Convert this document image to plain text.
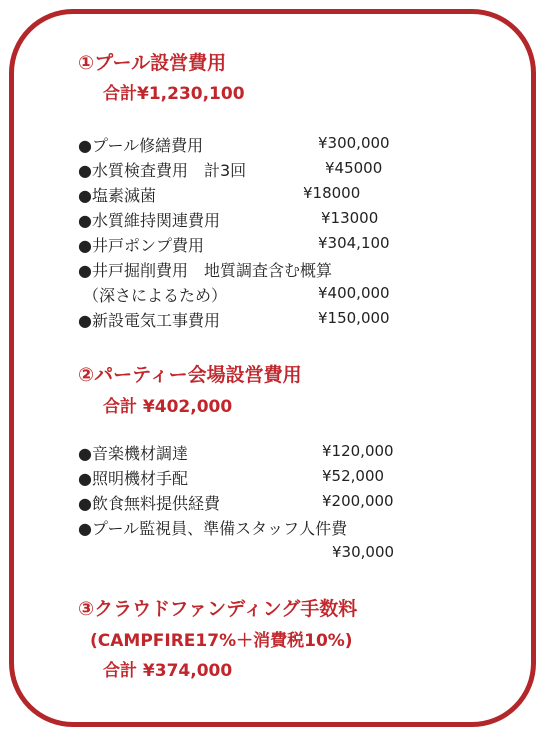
①プール設営費用
合計¥1,230,100
●プール修繕費用	¥300,000
●水質検査費用　計3回	¥45000
●塩素滅菌	¥18000
●水質維持関連費用	¥13000
●井戸ポンプ費用	¥304,100
●井戸掘削費用　地質調査含む概算
（深さによるため）	¥400,000
●新設電気工事費用	¥150,000
②パーティー会場設営費用
合計 ¥402,000
●音楽機材調達	¥120,000
●照明機材手配	¥52,000
●飲食無料提供経費	¥200,000
●プール監視員、準備スタッフ人件費
¥30,000
③クラウドファンディング手数料
(CAMPFIRE17%＋消費税10%)
合計 ¥374,000
